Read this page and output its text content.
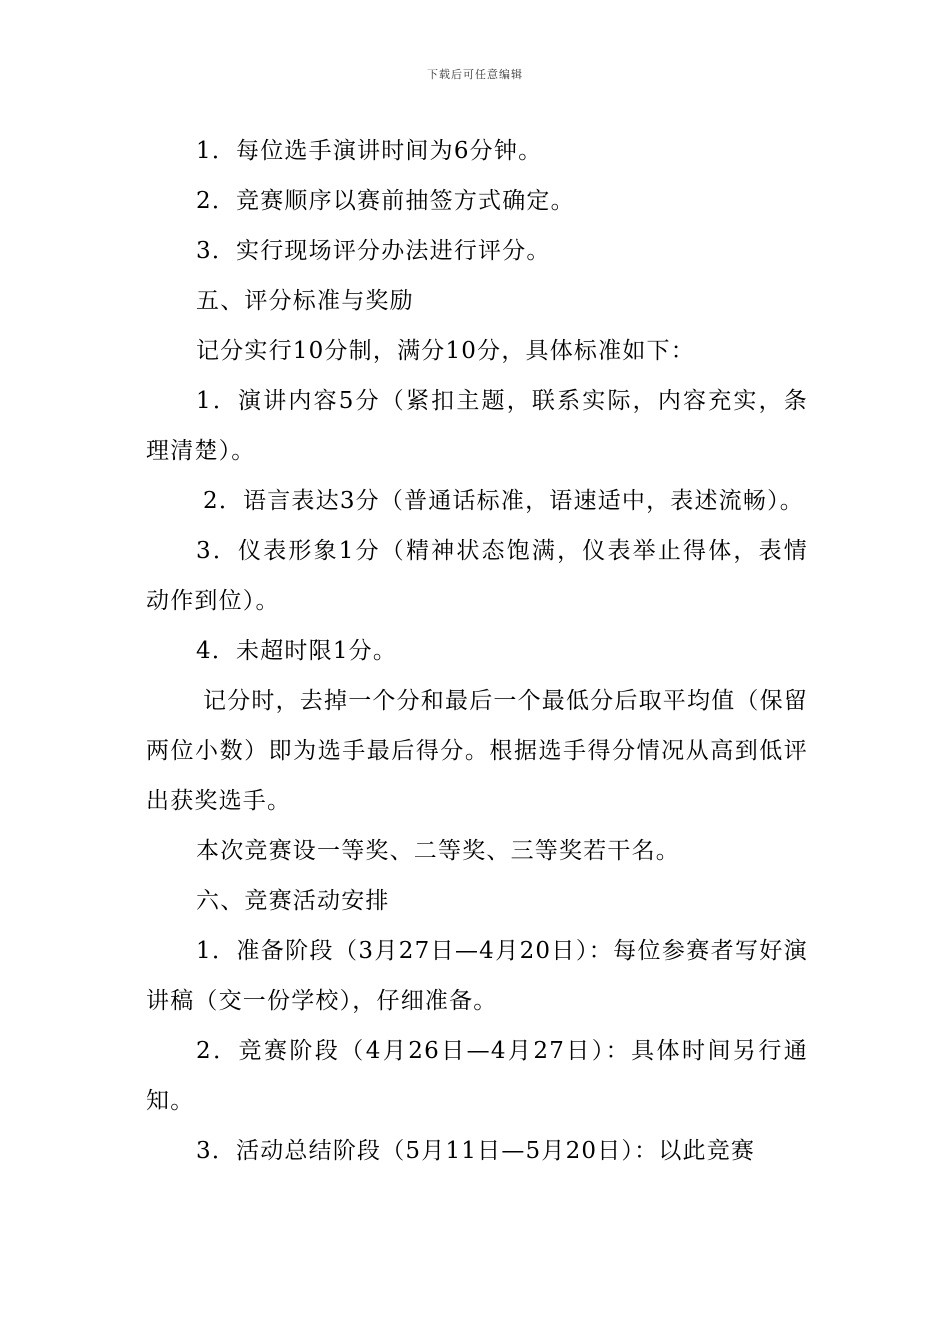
下载后可任意编辑

1．每位选手演讲时间为6分钟。

2．竞赛顺序以赛前抽签方式确定。

3．实行现场评分办法进行评分。

五、评分标准与奖励

记分实行10分制，满分10分，具体标准如下：

1．演讲内容5分（紧扣主题，联系实际，内容充实，条理清楚）。

2．语言表达3分（普通话标准，语速适中，表述流畅）。

3．仪表形象1分（精神状态饱满，仪表举止得体，表情动作到位）。

4．未超时限1分。

记分时，去掉一个分和最后一个最低分后取平均值（保留两位小数）即为选手最后得分。根据选手得分情况从高到低评出获奖选手。

本次竞赛设一等奖、二等奖、三等奖若干名。

六、竞赛活动安排

1．准备阶段（3月27日—4月20日）：每位参赛者写好演讲稿（交一份学校），仔细准备。

2．竞赛阶段（4月26日—4月27日）：具体时间另行通知。

3．活动总结阶段（5月11日—5月20日）：以此竞赛
